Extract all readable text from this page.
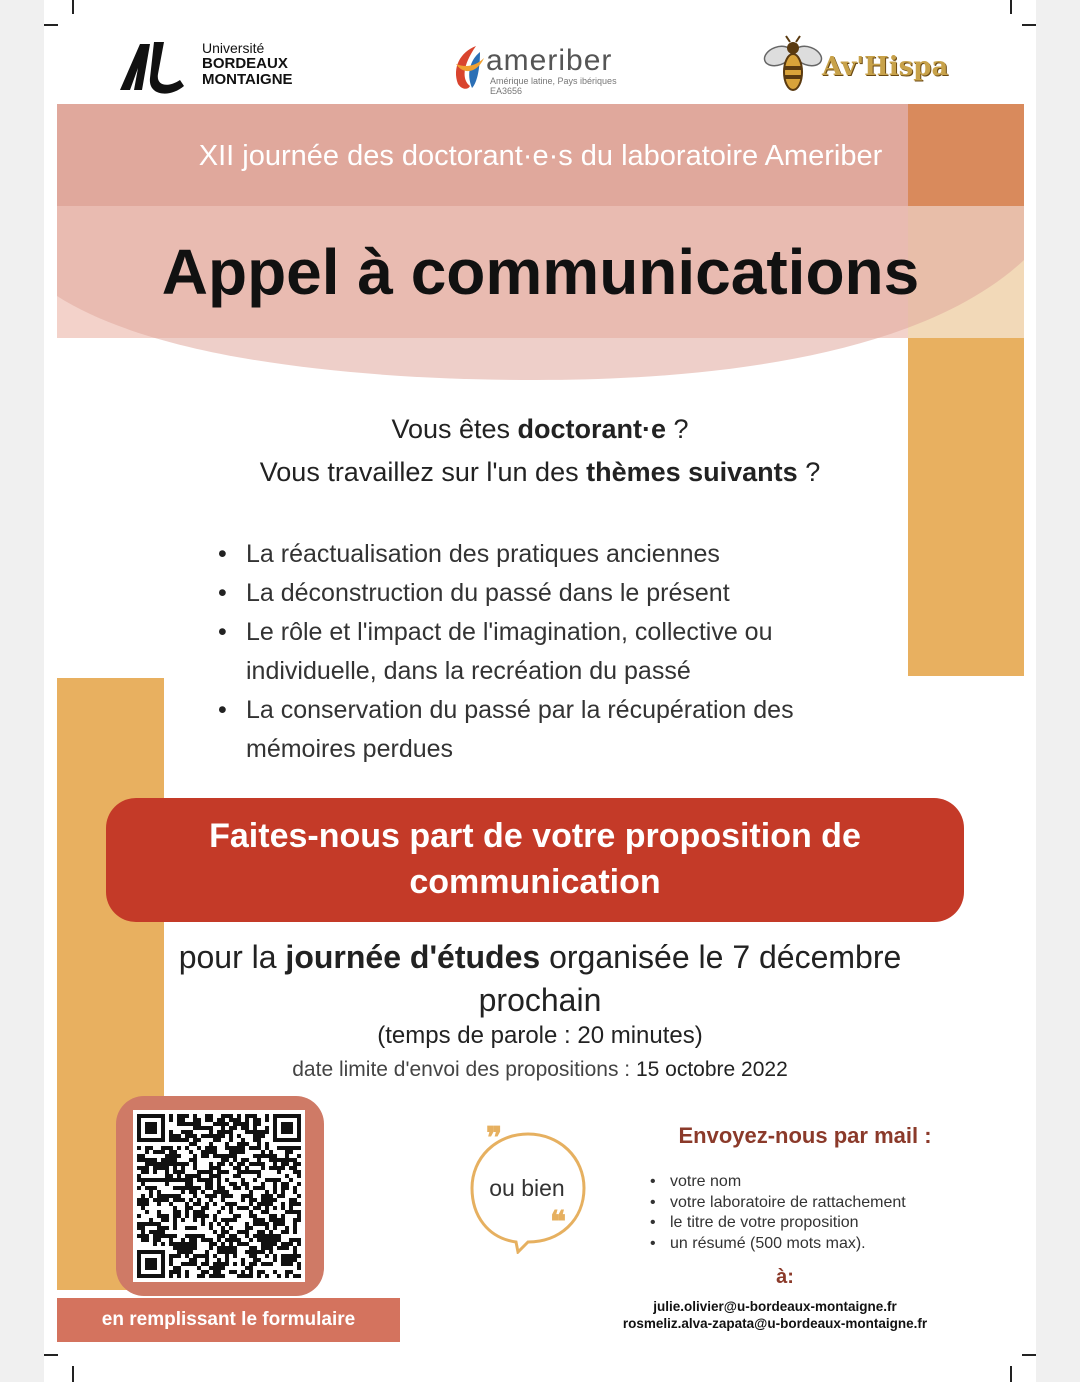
Université
BORDEAUX
MONTAIGNE
ameriber
Amérique latine, Pays ibériques
EA3656
Av'Hispa
XII journée des doctorant·e·s du laboratoire Ameriber
Appel à communications
Vous êtes doctorant·e ?
Vous travaillez sur l'un des thèmes suivants ?
• La réactualisation des pratiques anciennes
• La déconstruction du passé dans le présent
• Le rôle et l'impact de l'imagination, collective ou individuelle, dans la recréation du passé
• La conservation du passé par la récupération des mémoires perdues
Faites-nous part de votre proposition de
communication
pour la journée d'études organisée le 7 décembre
prochain
(temps de parole : 20 minutes)
date limite d'envoi des propositions : 15 octobre 2022
en remplissant le formulaire
❞
❝
ou bien
Envoyez-nous par mail :
• votre nom
• votre laboratoire de rattachement
• le titre de votre proposition
• un résumé (500 mots max).
à:
julie.olivier@u-bordeaux-montaigne.fr
rosmeliz.alva-zapata@u-bordeaux-montaigne.fr
